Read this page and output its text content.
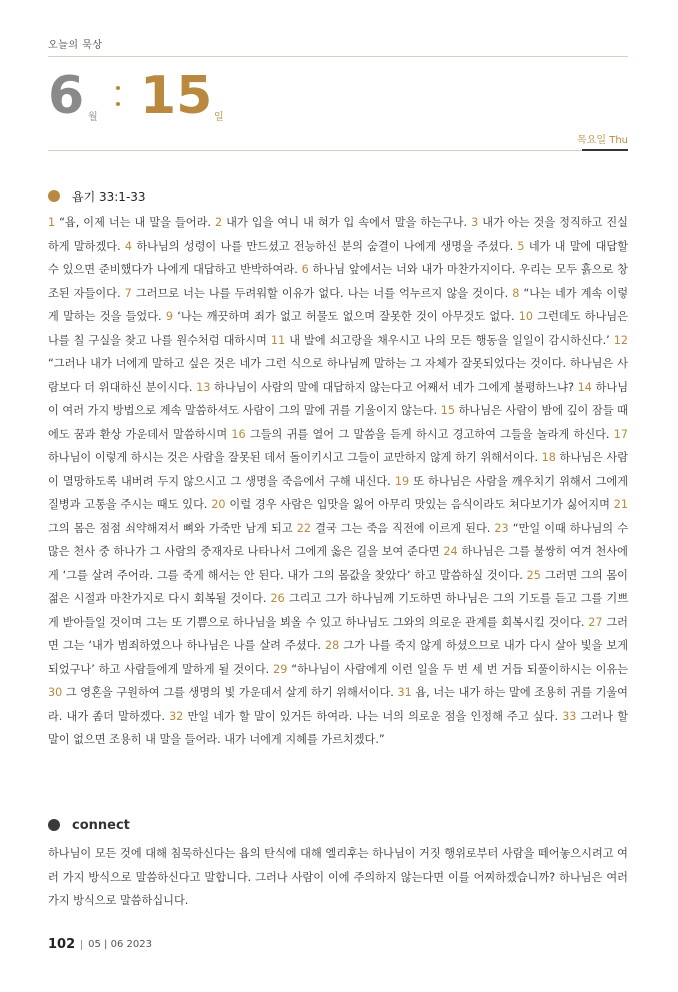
오늘의 묵상
6 월 15 일
목요일 Thu
욥기 33:1-33
1 “욥, 이제 너는 내 말을 들어라. 2 내가 입을 여니 내 혀가 입 속에서 말을 하는구나. 3 내가 아는 것을 정직하고 진실하게 말하겠다. 4 하나님의 성령이 나를 만드셨고 전능하신 분의 숨결이 나에게 생명을 주셨다. 5 네가 내 말에 대답할 수 있으면 준비했다가 나에게 대답하고 반박하여라. 6 하나님 앞에서는 너와 내가 마찬가지이다. 우리는 모두 흙으로 창조된 자들이다. 7 그러므로 너는 나를 두려워할 이유가 없다. 나는 너를 억누르지 않을 것이다. 8 “나는 네가 계속 이렇게 말하는 것을 들었다. 9 ‘나는 깨끗하며 죄가 없고 허물도 없으며 잘못한 것이 아무것도 없다. 10 그런데도 하나님은 나를 칠 구실을 찾고 나를 원수처럼 대하시며 11 내 발에 쇠고랑을 채우시고 나의 모든 행동을 일일이 감시하신다.’ 12 “그러나 내가 너에게 말하고 싶은 것은 네가 그런 식으로 하나님께 말하는 그 자체가 잘못되었다는 것이다. 하나님은 사람보다 더 위대하신 분이시다. 13 하나님이 사람의 말에 대답하지 않는다고 어째서 네가 그에게 불평하느냐? 14 하나님이 여러 가지 방법으로 계속 말씀하셔도 사람이 그의 말에 귀를 기울이지 않는다. 15 하나님은 사람이 밤에 깊이 잠들 때에도 꿈과 환상 가운데서 말씀하시며 16 그들의 귀를 열어 그 말씀을 듣게 하시고 경고하여 그들을 놀라게 하신다. 17 하나님이 이렇게 하시는 것은 사람을 잘못된 데서 돌이키시고 그들이 교만하지 않게 하기 위해서이다. 18 하나님은 사람이 멸망하도록 내버려 두지 않으시고 그 생명을 죽음에서 구해 내신다. 19 또 하나님은 사람을 깨우치기 위해서 그에게 질병과 고통을 주시는 때도 있다. 20 이럴 경우 사람은 입맛을 잃어 아무리 맛있는 음식이라도 쳐다보기가 싫어지며 21 그의 몸은 점점 쇠약해져서 뼈와 가죽만 남게 되고 22 결국 그는 죽음 직전에 이르게 된다. 23 “만일 이때 하나님의 수많은 천사 중 하나가 그 사람의 중재자로 나타나서 그에게 옳은 길을 보여 준다면 24 하나님은 그를 불쌍히 여겨 천사에게 ‘그를 살려 주어라. 그를 죽게 해서는 안 된다. 내가 그의 몸값을 찾았다’ 하고 말씀하실 것이다. 25 그러면 그의 몸이 젊은 시절과 마찬가지로 다시 회복될 것이다. 26 그리고 그가 하나님께 기도하면 하나님은 그의 기도를 듣고 그를 기쁘게 받아들일 것이며 그는 또 기쁨으로 하나님을 뵈올 수 있고 하나님도 그와의 의로운 관계를 회복시킬 것이다. 27 그러면 그는 ‘내가 범죄하였으나 하나님은 나를 살려 주셨다. 28 그가 나를 죽지 않게 하셨으므로 내가 다시 살아 빛을 보게 되었구나’ 하고 사람들에게 말하게 될 것이다. 29 “하나님이 사람에게 이런 일을 두 번 세 번 거듭 되풀이하시는 이유는 30 그 영혼을 구원하여 그를 생명의 빛 가운데서 살게 하기 위해서이다. 31 욥, 너는 내가 하는 말에 조용히 귀를 기울여라. 내가 좀더 말하겠다. 32 만일 네가 할 말이 있거든 하여라. 나는 너의 의로운 점을 인정해 주고 싶다. 33 그러나 할 말이 없으면 조용히 내 말을 들어라. 내가 너에게 지혜를 가르치겠다.”
connect
하나님이 모든 것에 대해 침묵하신다는 욥의 탄식에 대해 엘리후는 하나님이 거짓 행위로부터 사람을 떼어놓으시려고 여러 가지 방식으로 말씀하신다고 말합니다. 그러나 사람이 이에 주의하지 않는다면 이를 어찌하겠습니까? 하나님은 여러 가지 방식으로 말씀하십니다.
102 05 | 06 2023
